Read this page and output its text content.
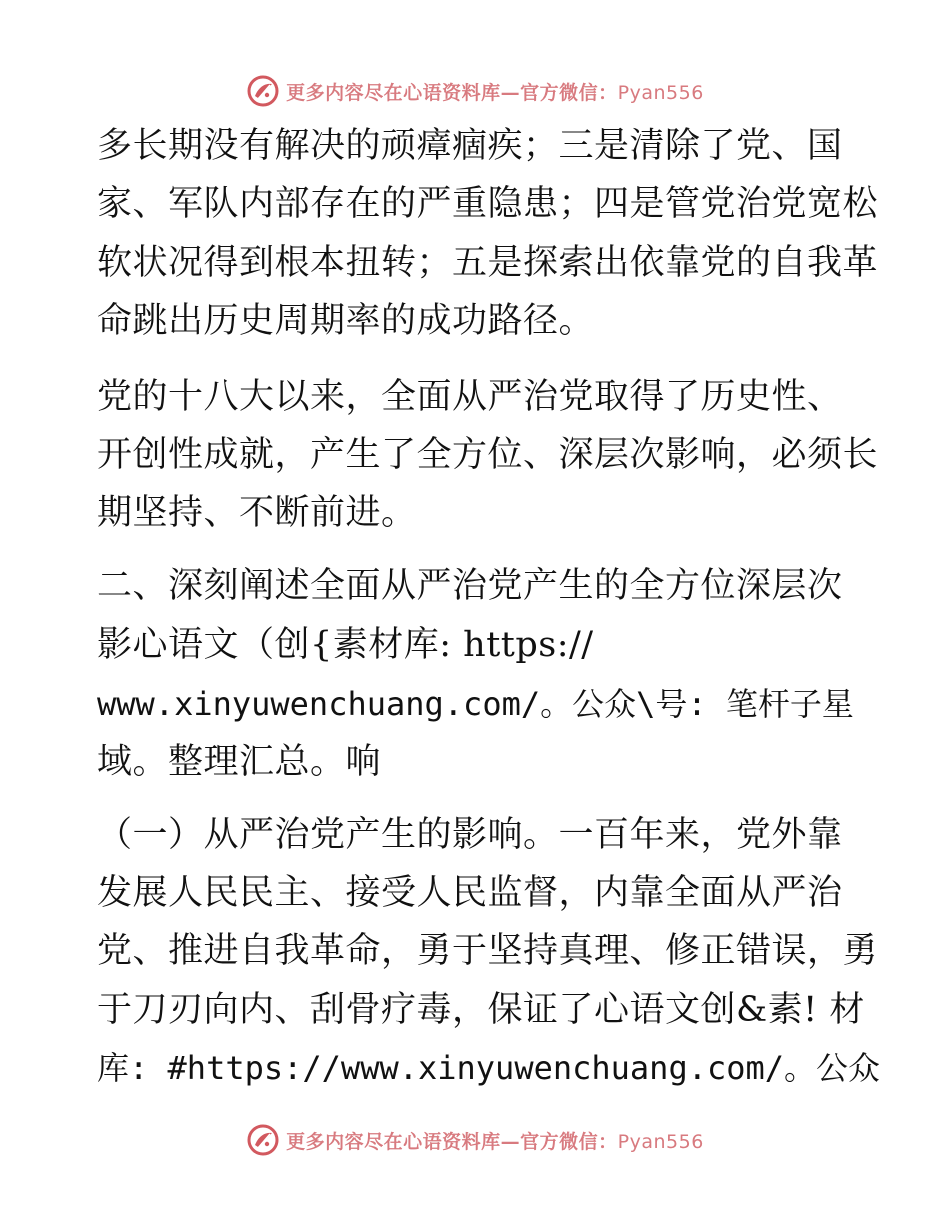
更多内容尽在心语资料库—官方微信：Pyan556
多长期没有解决的顽瘴痼疾；三是清除了党、国
家、军队内部存在的严重隐患；四是管党治党宽松
软状况得到根本扭转；五是探索出依靠党的自我革
命跳出历史周期率的成功路径。
党的十八大以来，全面从严治党取得了历史性、
开创性成就，产生了全方位、深层次影响，必须长
期坚持、不断前进。
二、深刻阐述全面从严治党产生的全方位深层次
影心语文（创{素材库: https://
www.xinyuwenchuang.com/。公众\号: 笔杆子星
域。整理汇总。响
（一）从严治党产生的影响。一百年来，党外靠
发展人民民主、接受人民监督，内靠全面从严治
党、推进自我革命，勇于坚持真理、修正错误，勇
于刀刃向内、刮骨疗毒，保证了心语文创&素! 材
库: #https://www.xinyuwenchuang.com/。公众
更多内容尽在心语资料库—官方微信：Pyan556
